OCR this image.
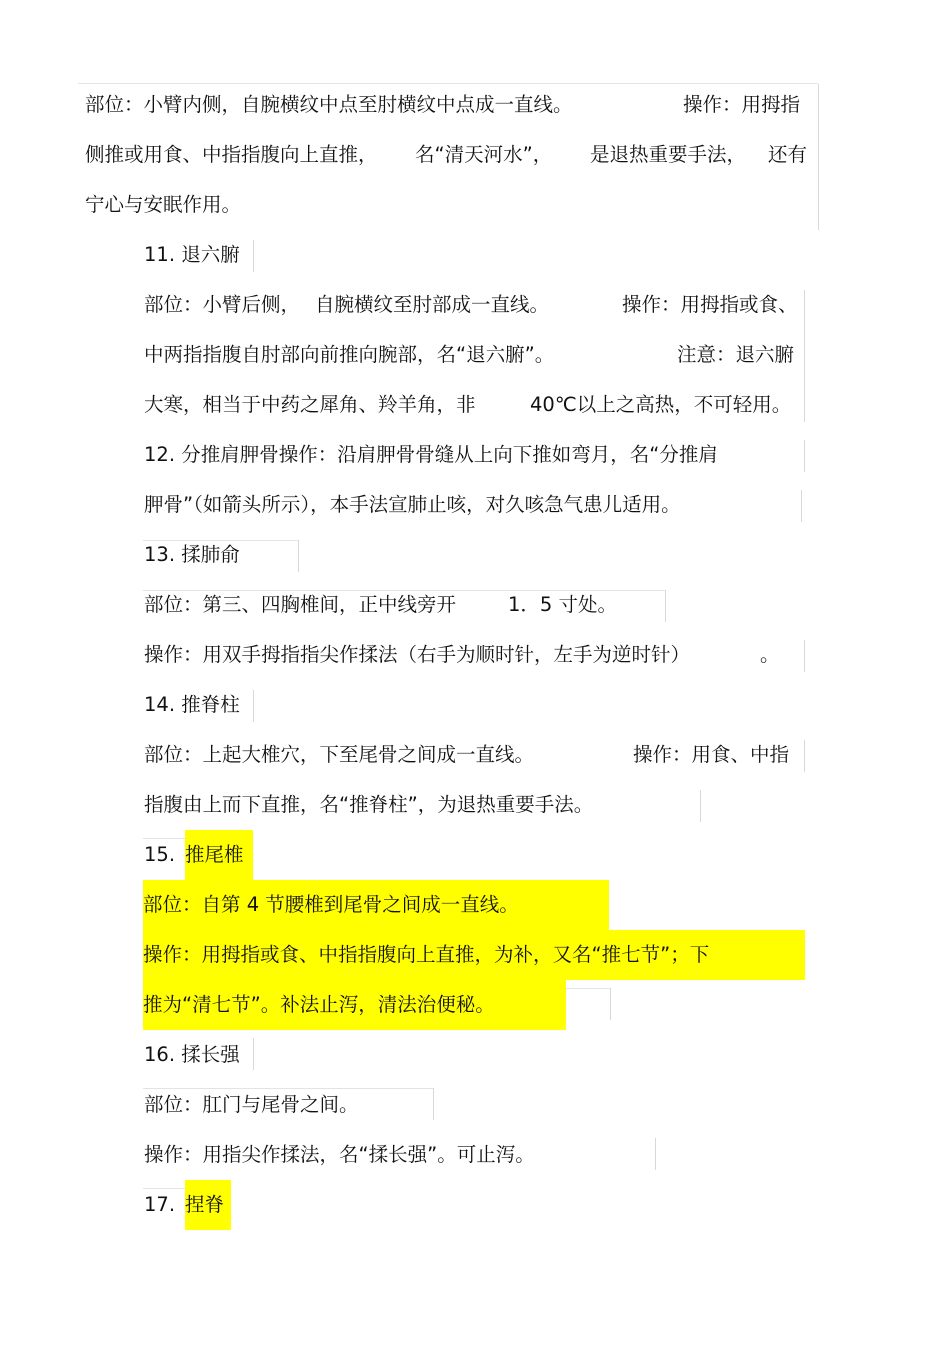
部位：小臂内侧，自腕横纹中点至肘横纹中点成一直线。	操作：用拇指
侧推或用食、中指指腹向上直推， 名“清天河水”， 是退热重要手法， 还有
宁心与安眠作用。
11. 退六腑
部位：小臂后侧， 自腕横纹至肘部成一直线。	操作：用拇指或食、
中两指指腹自肘部向前推向腕部，名“退六腑”。	注意：退六腑
大寒，相当于中药之犀角、羚羊角，非	40℃以上之高热，不可轻用。
12. 分推肩胛骨操作：沿肩胛骨骨缝从上向下推如弯月，名“分推肩
胛骨”（如箭头所示），本手法宣肺止咳，对久咳急气患儿适用。
13. 揉肺俞
部位：第三、四胸椎间，正中线旁开	1．5 寸处。
操作：用双手拇指指尖作揉法（右手为顺时针，左手为逆时针）	。
14. 推脊柱
部位：上起大椎穴，下至尾骨之间成一直线。	操作：用食、中指
指腹由上而下直推，名“推脊柱”，为退热重要手法。
15. 推尾椎
部位：自第 4 节腰椎到尾骨之间成一直线。
操作：用拇指或食、中指指腹向上直推，为补，又名“推七节”；下
推为“清七节”。补法止泻，清法治便秘。
16. 揉长强
部位：肛门与尾骨之间。
操作：用指尖作揉法，名“揉长强”。可止泻。
17. 捏脊
